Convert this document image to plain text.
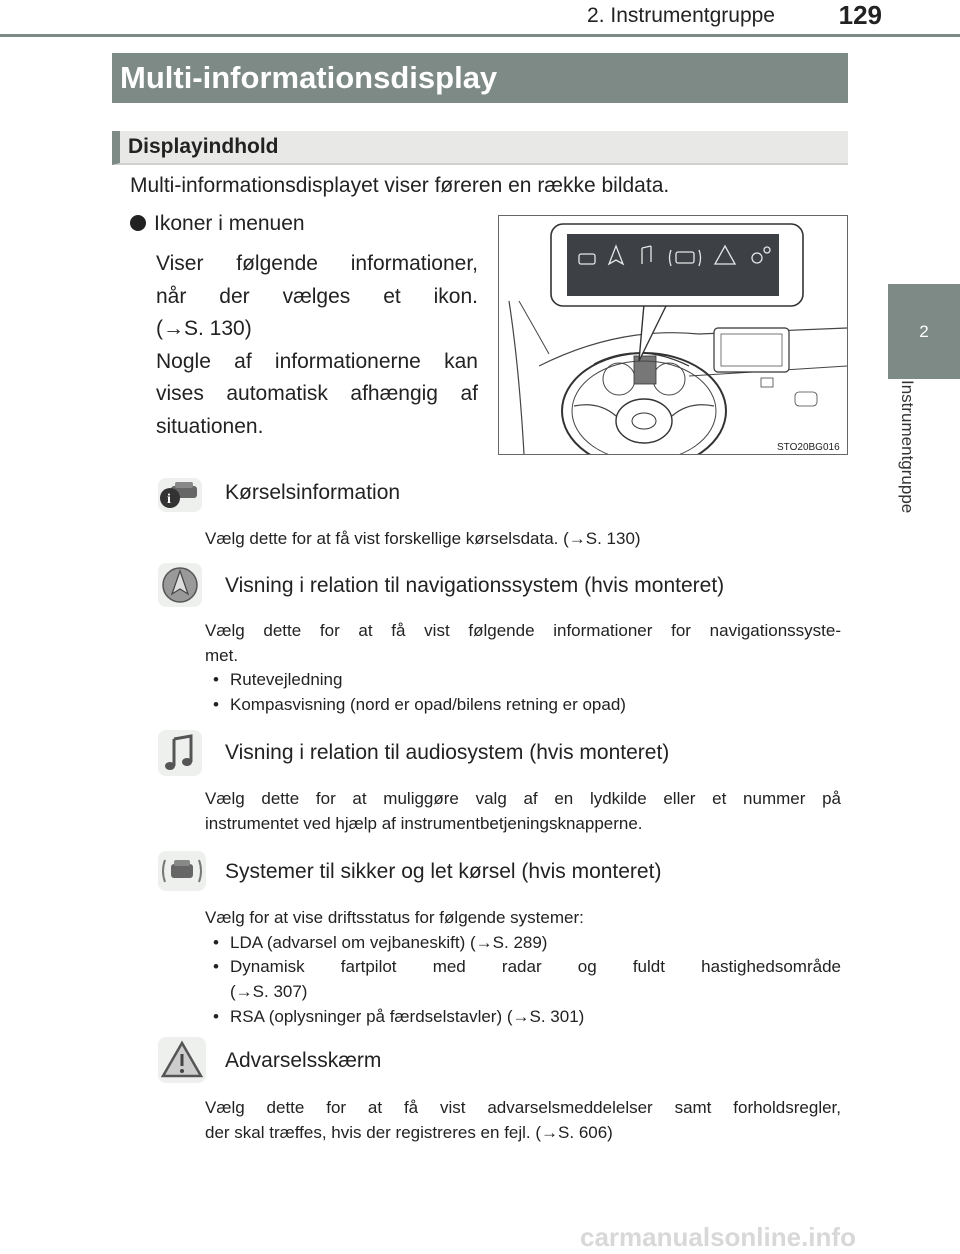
2. Instrumentgruppe 129
2
Instrumentgruppe
Multi-informationsdisplay
Displayindhold
Multi-informationsdisplayet viser føreren en række bildata.
Ikoner i menuen
Viser følgende informationer,
når der vælges et ikon.
(→S. 130)
Nogle af informationerne kan
vises automatisk afhængig af
situationen.
STO20BG016
i	Kørselsinformation
Vælg dette for at få vist forskellige kørselsdata. (→S. 130)
Visning i relation til navigationssystem (hvis monteret)
Vælg dette for at få vist følgende informationer for navigationssyste-
met.
• Rutevejledning
• Kompasvisning (nord er opad/bilens retning er opad)
Visning i relation til audiosystem (hvis monteret)
Vælg dette for at muliggøre valg af en lydkilde eller et nummer på
instrumentet ved hjælp af instrumentbetjeningsknapperne.
Systemer til sikker og let kørsel (hvis monteret)
Vælg for at vise driftsstatus for følgende systemer:
• LDA (advarsel om vejbaneskift) (→S. 289)
• Dynamisk fartpilot med radar og fuldt hastighedsområde
(→S. 307)
• RSA (oplysninger på færdselstavler) (→S. 301)
Advarselsskærm
Vælg dette for at få vist advarselsmeddelelser samt forholdsregler,
der skal træffes, hvis der registreres en fejl. (→S. 606)
carmanualsonline.info
